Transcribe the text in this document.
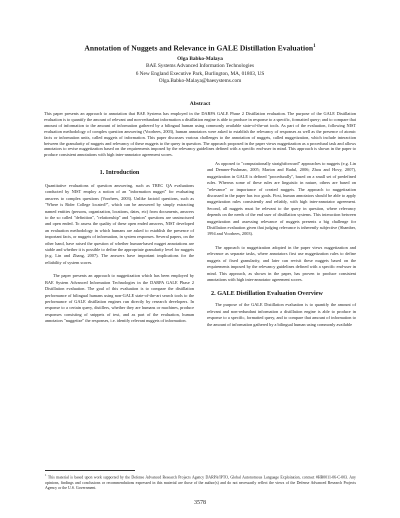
Annotation of Nuggets and Relevance in GALE Distillation Evaluation$^1$
Olga Babko-Malaya
BAE Systems Advanced Information Technologies
6 New England Executive Park, Burlington, MA, 01803, US
Olga.Babko-Malaya@baesystems.com
Abstract

This paper presents an approach to annotation that BAE Systems has employed in the DARPA GALE Phase 2 Distillation evaluation. The purpose of the GALE Distillation evaluation is to quantify the amount of relevant and non-redundant information a distillation engine is able to produce in response to a specific, formatted query; and to compare that amount of information to the amount of information gathered by a bilingual human using commonly available state-of-the-art tools. As part of the evaluation, following NIST evaluation methodology of complex question answering (Voorhees, 2003), human annotators were asked to establish the relevancy of responses as well as the presence of atomic facts or information units, called nuggets of information. This paper discusses various challenges to the annotation of nuggets, called nuggetization, which include interaction between the granularity of nuggets and relevancy of these nuggets to the query in question. The approach proposed in the paper views nuggetization as a procedural task and allows annotators to revise nuggetization based on the requirements imposed by the relevancy guidelines defined with a specific end-user in mind. This approach is shown in the paper to produce consistent annotations with high inter-annotator agreement scores.

1. Introduction

Quantitative evaluations of question answering, such as TREC QA evaluations conducted by NIST employ a notion of an "information nugget" for evaluating answers to complex questions (Voorhees, 2003). Unlike factoid questions, such as "Where is Rider College located?", which can be answered by simply extracting named entities (persons, organization, locations, dates, etc) from documents, answers to the so called "definition", "relationship" and "opinion" questions are unstructured and open ended. To assess the quality of these open ended answers, NIST developed an evaluation methodology in which humans are asked to establish the presence of important facts, or nuggets of information, in system responses. Several papers, on the other hand, have raised the question of whether human-based nugget annotations are stable and whether it is possible to define the appropriate granularity level for nuggets (e.g. Lin and Zhang, 2007). The answers have important implications for the reliability of system scores.

The paper presents an approach to nuggetization which has been employed by BAE System Advanced Information Technologies in the DARPA GALE Phase 2 Distillation evaluation. The goal of this evaluation is to compare the distillation performance of bilingual humans using non-GALE state-of-the-art search tools to the performance of GALE distillation engines run directly by research developers. In response to a certain query, distillers, whether they are humans or machines, produce responses consisting of snippets of text, and as part of the evaluation, human annotators "nuggetize" the responses, i.e. identify relevant nuggets of information.

As opposed to "computationally straightforward" approaches to nuggets (e.g. Lin and Demner-Fushman, 2005; Marton and Radul, 2006; Zhou and Hovy, 2007), nuggetization in GALE is defined "procedurally", based on a small set of predefined rules. Whereas some of these rules are linguistic in nature, others are based on "relevance" or importance of created nuggets. The approach to nuggetization discussed in the paper has two goals. First, human annotators should be able to apply nuggetization rules consistently and reliably, with high inter-annotator agreement. Second, all nuggets must be relevant to the query in question, where relevancy depends on the needs of the end user of distillation systems. This interaction between nuggetization and assessing relevance of nuggets presents a big challenge for Distillation evaluation given that judging relevance is inherently subjective (Shamber, 1994 and Voorhees, 2003).

The approach to nuggetization adopted in the paper views nuggetization and relevance as separate tasks, where annotators first use nuggetization rules to define nuggets of fixed granularity, and later can revisit these nuggets based on the requirements imposed by the relevancy guidelines defined with a specific end-user in mind. This approach, as shown in the paper, has proven to produce consistent annotations with high inter-annotator agreement scores.

2. GALE Distillation Evaluation Overview

The purpose of the GALE Distillation evaluation is to quantify the amount of relevant and non-redundant information a distillation engine is able to produce in response to a specific, formatted query, and to compare that amount of information to the amount of information gathered by a bilingual human using commonly available

$^1$ This material is based upon work supported by the Defense Advanced Research Projects Agency DARPA/IPTO, Global Autonomous Language Exploitation, contract #HR0011-06-C-003. Any opinions, findings and conclusions or recommendations expressed in this material are those of the author(s) and do not necessarily reflect the views of the Defense Advanced Research Projects Agency or the U.S. Government.

3578
